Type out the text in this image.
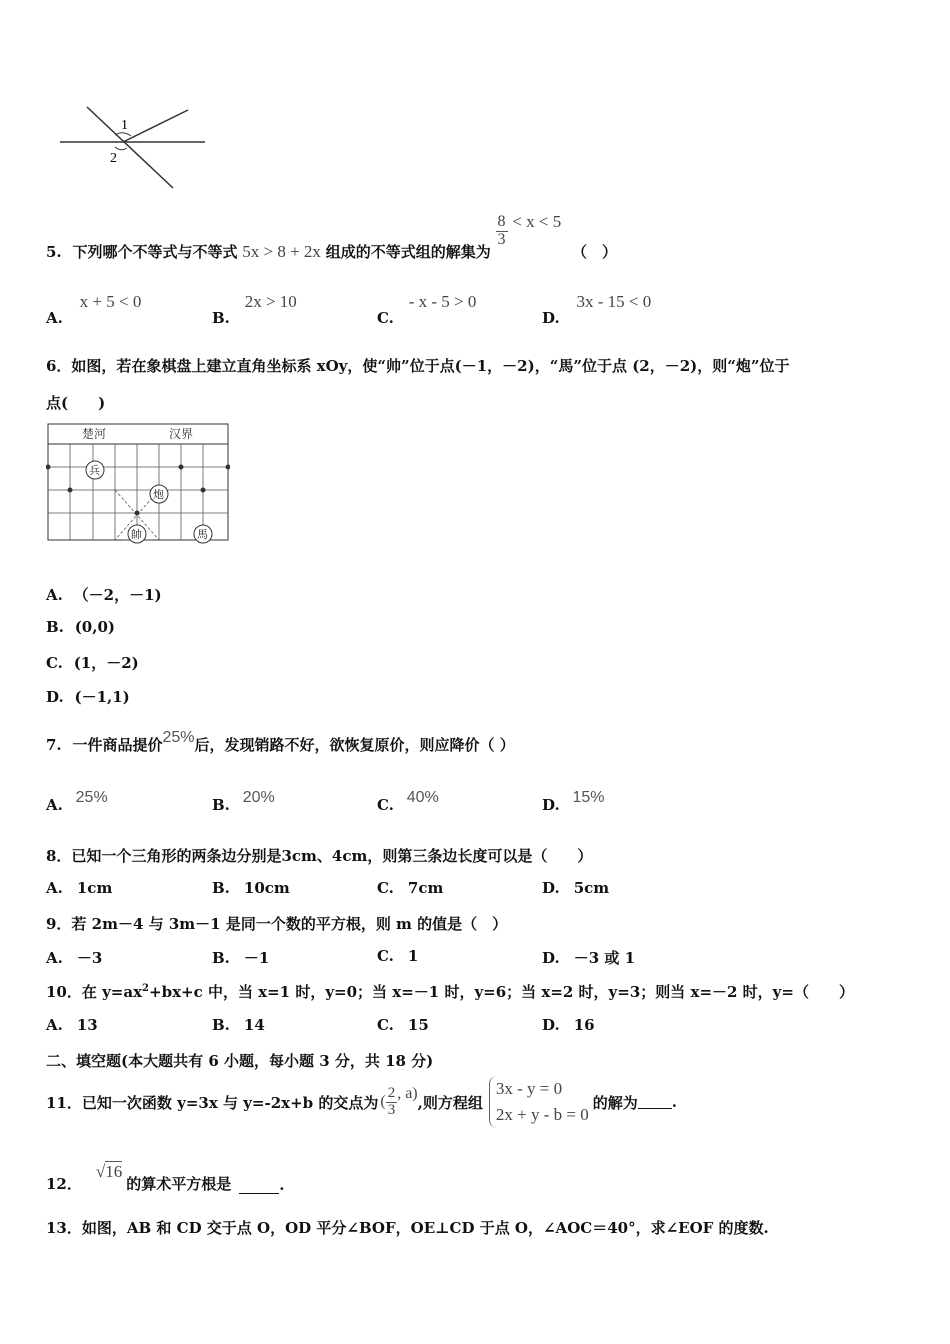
1
2
5. 下列哪个不等式与不等式 5x > 8 + 2x 组成的不等式组的解集为
$\frac{8}{3} < x < 5$ （　）
A. x + 5 < 0
B. 2x > 10
C. - x - 5 > 0
D. 3x - 15 < 0
6．如图，若在象棋盘上建立直角坐标系 xOy，使“帅”位于点(－1，－2)，“馬”位于点 (2，－2)，则“炮”位于
点(　　)
楚河	汉界
兵
炮
帥	馬
A. （－2，－1)
B. (0,0)
C. (1，－2)
D. (－1,1)
7. 一件商品提价25%后，发现销路不好，欲恢复原价，则应降价（ ）
A. 25%	B. 20%	C. 40%	D. 15%
8．已知一个三角形的两条边分别是3cm、4cm，则第三条边长度可以是（　　）
A. 1cm	B. 10cm	C. 7cm	D. 5cm
9．若 2m－4 与 3m－1 是同一个数的平方根，则 m 的值是（　）
A. －3	B. －1	C. 1	D. －3 或 1
10．在 $y=ax^2+bx+c$ 中，当 x=1 时，y=0；当 x=－1 时，y=6；当 x=2 时，y=3；则当 x=－2 时，y=（　　）
A. 13	B. 14	C. 15	D. 16
二、填空题(本大题共有 6 小题，每小题 3 分，共 18 分)
11．已知一次函数 y=3x 与 y=-2x+b 的交点为 ( $\frac{2}{3}$ , a) ,则方程组
3x - y = 0
2x + y - b = 0
的解为 .
12．
√16
的算术平方根是	.
13．如图，AB 和 CD 交于点 O，OD 平分∠BOF，OE⊥CD 于点 O，∠AOC＝40°，求∠EOF 的度数.
